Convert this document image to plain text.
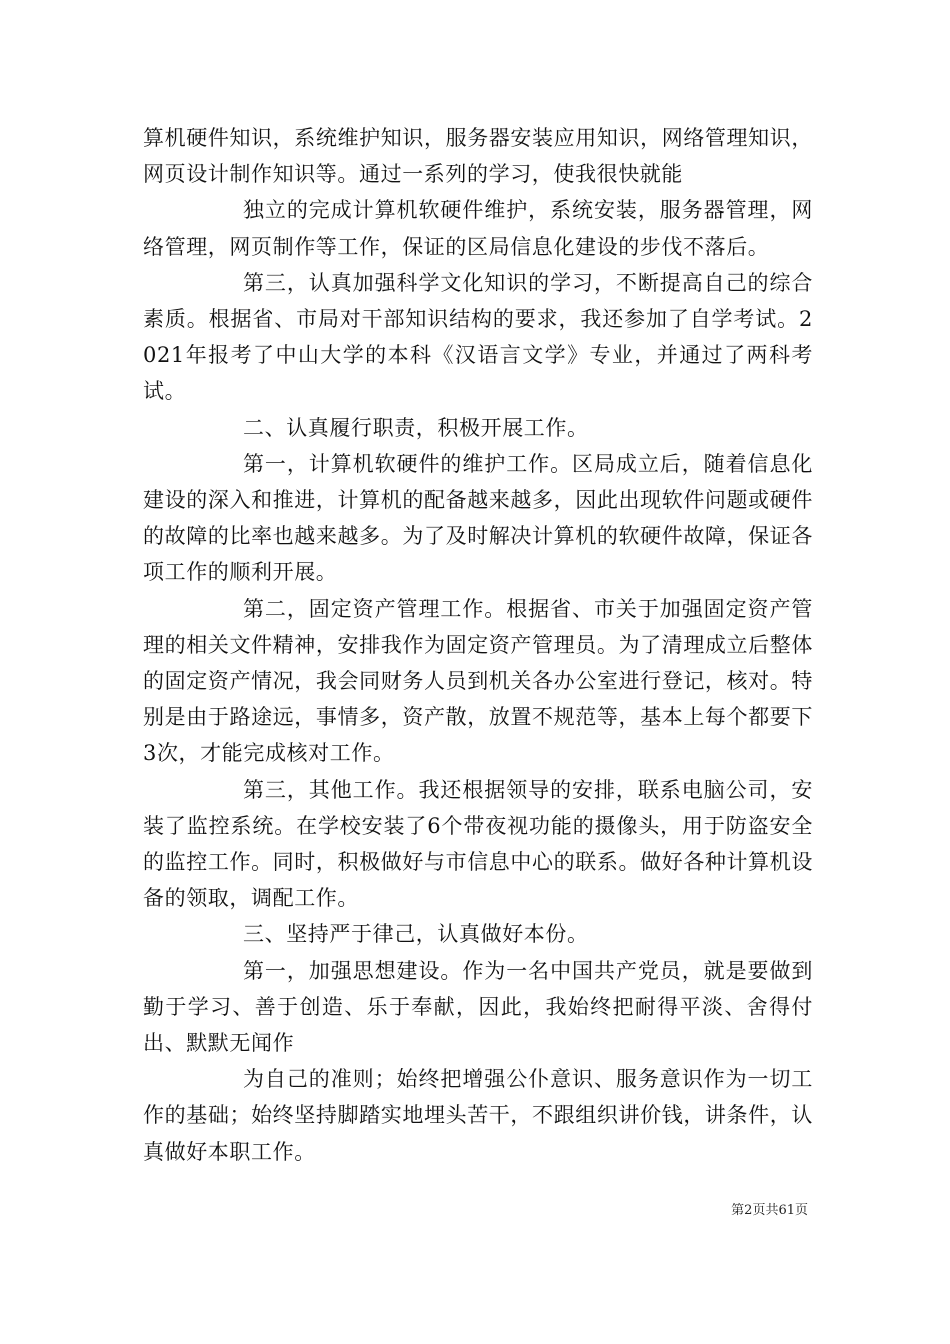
算机硬件知识，系统维护知识，服务器安装应用知识，网络管理知识，网页设计制作知识等。通过一系列的学习，使我很快就能

独立的完成计算机软硬件维护，系统安装，服务器管理，网络管理，网页制作等工作，保证的区局信息化建设的步伐不落后。

第三，认真加强科学文化知识的学习，不断提高自己的综合素质。根据省、市局对干部知识结构的要求，我还参加了自学考试。2021年报考了中山大学的本科《汉语言文学》专业，并通过了两科考试。

二、认真履行职责，积极开展工作。

第一，计算机软硬件的维护工作。区局成立后，随着信息化建设的深入和推进，计算机的配备越来越多，因此出现软件问题或硬件的故障的比率也越来越多。为了及时解决计算机的软硬件故障，保证各项工作的顺利开展。

第二，固定资产管理工作。根据省、市关于加强固定资产管理的相关文件精神，安排我作为固定资产管理员。为了清理成立后整体的固定资产情况，我会同财务人员到机关各办公室进行登记，核对。特别是由于路途远，事情多，资产散，放置不规范等，基本上每个都要下3次，才能完成核对工作。

第三，其他工作。我还根据领导的安排，联系电脑公司，安装了监控系统。在学校安装了6个带夜视功能的摄像头，用于防盗安全的监控工作。同时，积极做好与市信息中心的联系。做好各种计算机设备的领取，调配工作。

三、坚持严于律己，认真做好本份。

第一，加强思想建设。作为一名中国共产党员，就是要做到勤于学习、善于创造、乐于奉献，因此，我始终把耐得平淡、舍得付出、默默无闻作

为自己的准则；始终把增强公仆意识、服务意识作为一切工作的基础；始终坚持脚踏实地埋头苦干，不跟组织讲价钱，讲条件，认真做好本职工作。

第2页共61页
